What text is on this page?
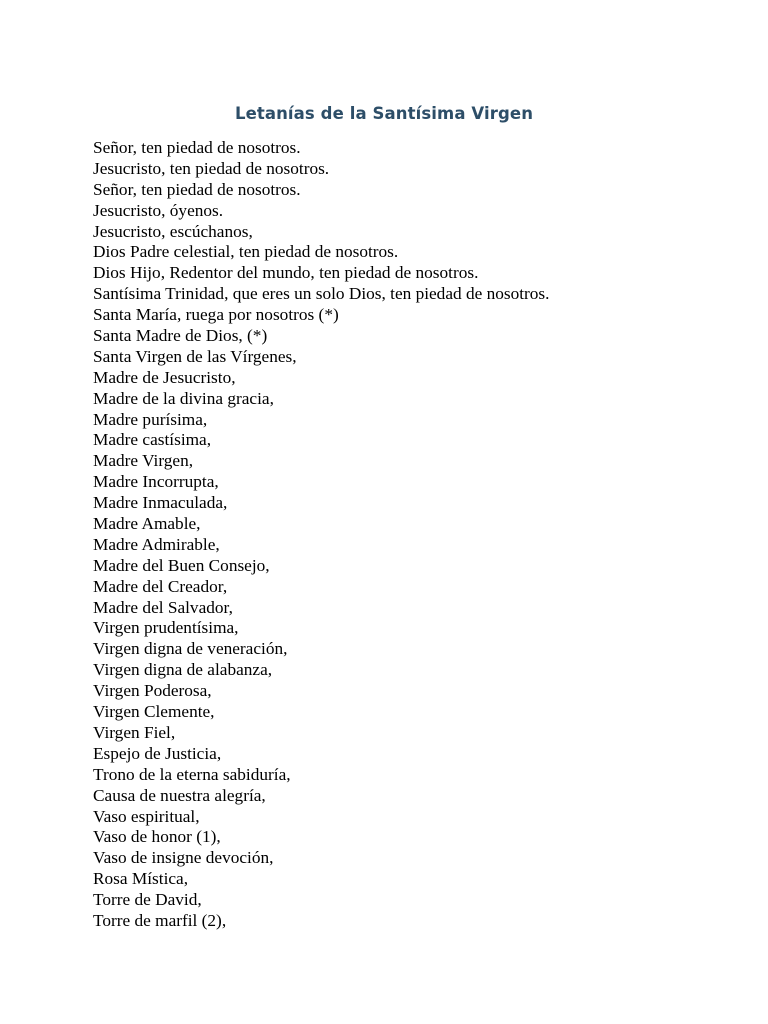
Letanías de la Santísima Virgen
Señor, ten piedad de nosotros.
Jesucristo, ten piedad de nosotros.
Señor, ten piedad de nosotros.
Jesucristo, óyenos.
Jesucristo, escúchanos,
Dios Padre celestial, ten piedad de nosotros.
Dios Hijo, Redentor del mundo, ten piedad de nosotros.
Santísima Trinidad, que eres un solo Dios, ten piedad de nosotros.
Santa María, ruega por nosotros (*)
Santa Madre de Dios, (*)
Santa Virgen de las Vírgenes,
Madre de Jesucristo,
Madre de la divina gracia,
Madre purísima,
Madre castísima,
Madre Virgen,
Madre Incorrupta,
Madre Inmaculada,
Madre Amable,
Madre Admirable,
Madre del Buen Consejo,
Madre del Creador,
Madre del Salvador,
Virgen prudentísima,
Virgen digna de veneración,
Virgen digna de alabanza,
Virgen Poderosa,
Virgen Clemente,
Virgen Fiel,
Espejo de Justicia,
Trono de la eterna sabiduría,
Causa de nuestra alegría,
Vaso espiritual,
Vaso de honor (1),
Vaso de insigne devoción,
Rosa Mística,
Torre de David,
Torre de marfil (2),
